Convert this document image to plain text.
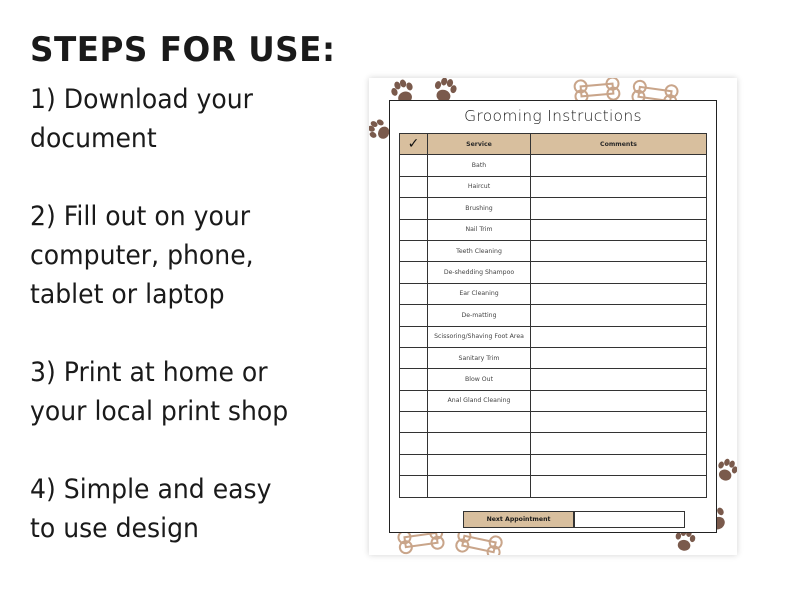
STEPS FOR USE:
1) Download your
document
2) Fill out on your
computer, phone,
tablet or laptop
3) Print at home or
your local print shop
4) Simple and easy
to use design
Grooming Instructions
✓	Service	Comments
	Bath	
	Haircut	
	Brushing	
	Nail Trim	
	Teeth Cleaning	
	De-shedding Shampoo	
	Ear Cleaning	
	De-matting	
	Scissoring/Shaving Foot Area	
	Sanitary Trim	
	Blow Out	
	Anal Gland Cleaning	

Next Appointment
